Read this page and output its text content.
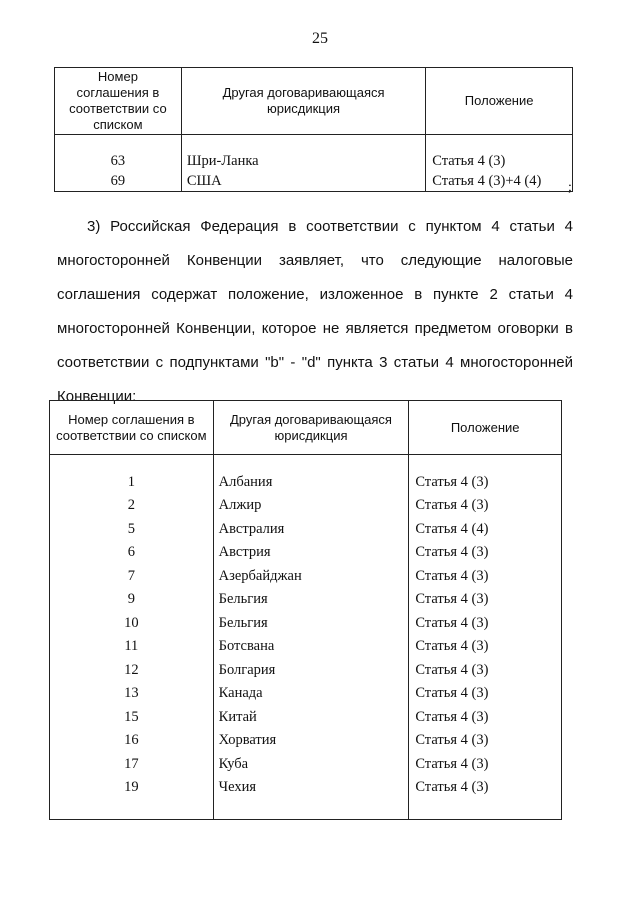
25
Номер соглашения в соответствии со списком	Другая договаривающаяся юрисдикция	Положение

63	Шри-Ланка	Статья 4 (3)
69	США	Статья 4 (3)+4 (4) ;

3) Российская Федерация в соответствии с пунктом 4 статьи 4 многосторонней Конвенции заявляет, что следующие налоговые соглашения содержат положение, изложенное в пункте 2 статьи 4 многосторонней Конвенции, которое не является предметом оговорки в соответствии с подпунктами "b" - "d" пункта 3 статьи 4 многосторонней Конвенции:

Номер соглашения в соответствии со списком	Другая договаривающаяся юрисдикция	Положение

1	Албания	Статья 4 (3)
2	Алжир	Статья 4 (3)
5	Австралия	Статья 4 (4)
6	Австрия	Статья 4 (3)
7	Азербайджан	Статья 4 (3)
9	Бельгия	Статья 4 (3)
10	Бельгия	Статья 4 (3)
11	Ботсвана	Статья 4 (3)
12	Болгария	Статья 4 (3)
13	Канада	Статья 4 (3)
15	Китай	Статья 4 (3)
16	Хорватия	Статья 4 (3)
17	Куба	Статья 4 (3)
19	Чехия	Статья 4 (3)
